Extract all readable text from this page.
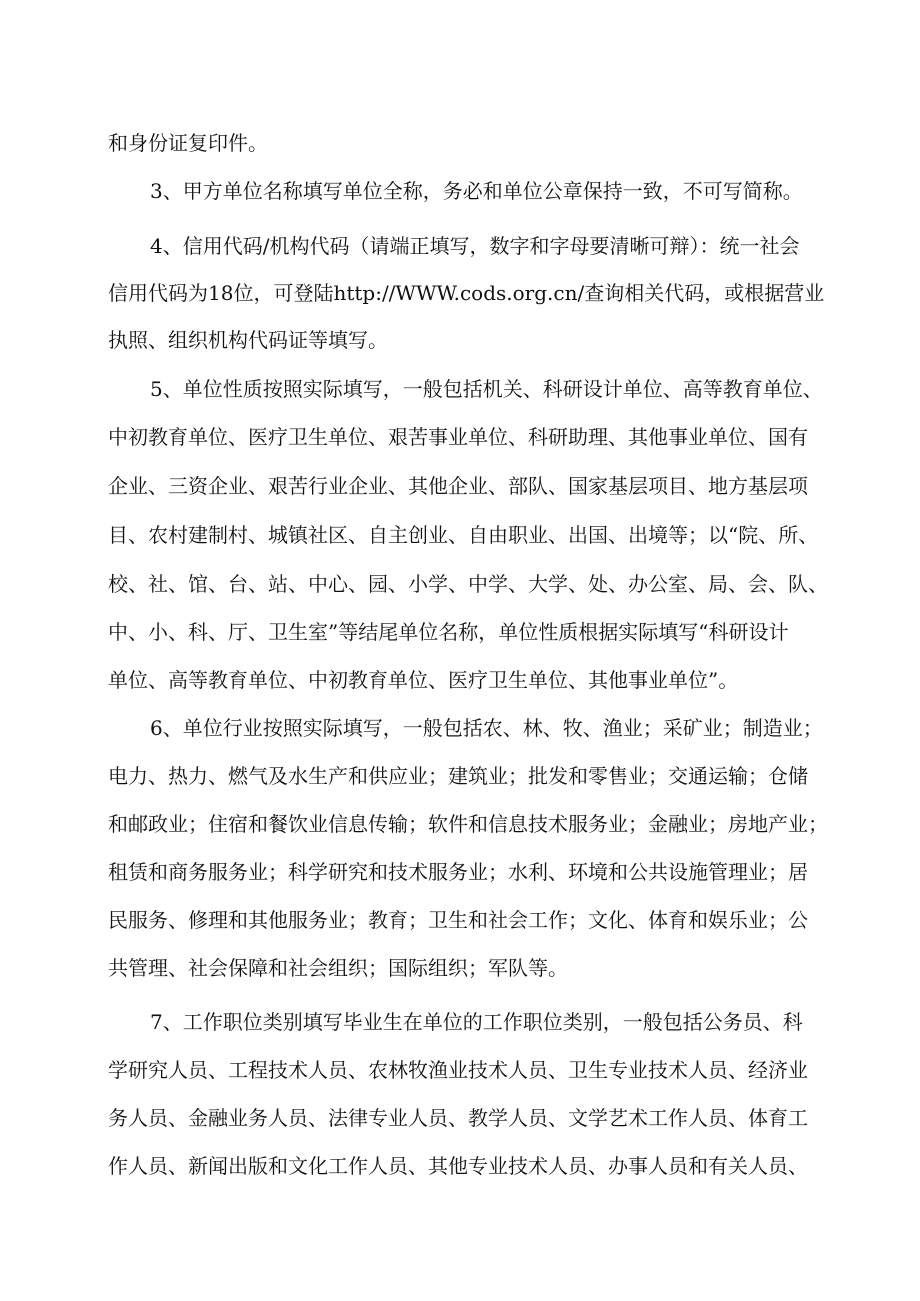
和身份证复印件。

3、甲方单位名称填写单位全称，务必和单位公章保持一致，不可写简称。

4、信用代码/机构代码（请端正填写，数字和字母要清晰可辩）：统一社会

信用代码为18位，可登陆http://WWW.cods.org.cn/查询相关代码，或根据营业

执照、组织机构代码证等填写。

5、单位性质按照实际填写，一般包括机关、科研设计单位、高等教育单位、

中初教育单位、医疗卫生单位、艰苦事业单位、科研助理、其他事业单位、国有

企业、三资企业、艰苦行业企业、其他企业、部队、国家基层项目、地方基层项

目、农村建制村、城镇社区、自主创业、自由职业、出国、出境等；以“院、所、

校、社、馆、台、站、中心、园、小学、中学、大学、处、办公室、局、会、队、

中、小、科、厅、卫生室”等结尾单位名称，单位性质根据实际填写“科研设计

单位、高等教育单位、中初教育单位、医疗卫生单位、其他事业单位”。

6、单位行业按照实际填写，一般包括农、林、牧、渔业；采矿业；制造业；

电力、热力、燃气及水生产和供应业；建筑业；批发和零售业；交通运输；仓储

和邮政业；住宿和餐饮业信息传输；软件和信息技术服务业；金融业；房地产业；

租赁和商务服务业；科学研究和技术服务业；水利、环境和公共设施管理业；居

民服务、修理和其他服务业；教育；卫生和社会工作；文化、体育和娱乐业；公

共管理、社会保障和社会组织；国际组织；军队等。

7、工作职位类别填写毕业生在单位的工作职位类别，一般包括公务员、科

学研究人员、工程技术人员、农林牧渔业技术人员、卫生专业技术人员、经济业

务人员、金融业务人员、法律专业人员、教学人员、文学艺术工作人员、体育工

作人员、新闻出版和文化工作人员、其他专业技术人员、办事人员和有关人员、
